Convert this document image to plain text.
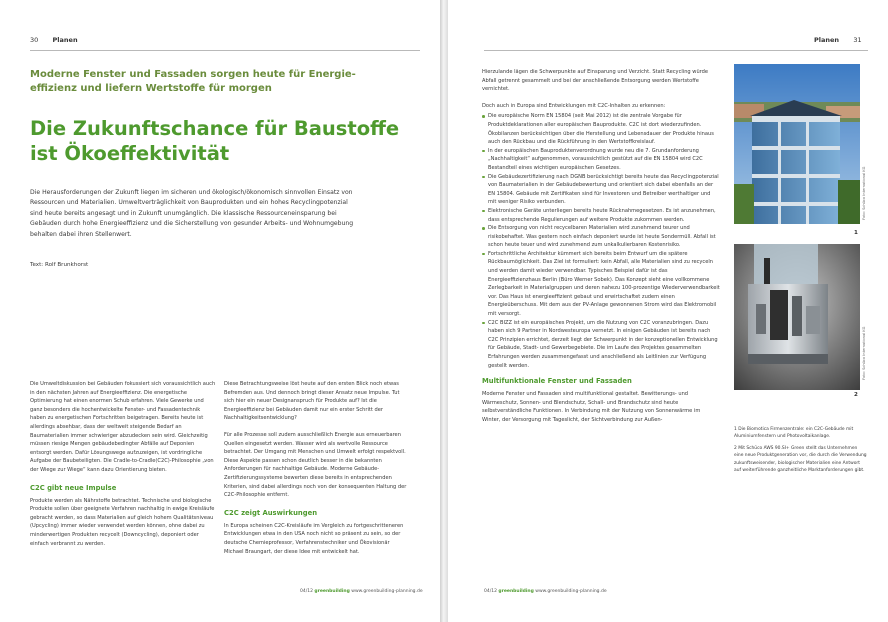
30 Planen
Moderne Fenster und Fassaden sorgen heute für Energie-effizienz und liefern Wertstoffe für morgen
Die Zukunftschance für Baustoffe ist Ökoeffektivität
Die Herausforderungen der Zukunft liegen im sicheren und ökologisch/ökonomisch sinnvollen Einsatz von Ressourcen und Materialien. Umweltverträglichkeit von Bauprodukten und ein hohes Recyclingpotenzial sind heute bereits angesagt und in Zukunft unumgänglich. Die klassische Ressourceneinsparung bei Gebäuden durch hohe Energieeffizienz und die Sicherstellung von gesunder Arbeits- und Wohnumgebung behalten dabei ihren Stellenwert.
Text: Rolf Brunkhorst

Die Umweltdiskussion bei Gebäuden fokussiert sich voraussichtlich auch in den nächsten Jahren auf Energieeffizienz. Die energetische Optimierung hat einen enormen Schub erfahren. Viele Gewerke und ganz besonders die hochentwickelte Fenster- und Fassadentechnik haben zu energetischen Fortschritten beigetragen. Bereits heute ist allerdings absehbar, dass der weltweit steigende Bedarf an Baumaterialien immer schwieriger abzudecken sein wird. Gleichzeitig müssen riesige Mengen gebäudebedingter Abfälle auf Deponien entsorgt werden. Dafür Lösungswege aufzuzeigen, ist vordringliche Aufgabe der Baubeteiligten. Die Cradle-to-Cradle(C2C)-Philosophie „von der Wiege zur Wiege“ kann dazu Orientierung bieten.

C2C gibt neue Impulse

Produkte werden als Nährstoffe betrachtet. Technische und biologische Produkte sollen über geeignete Verfahren nachhaltig in ewige Kreisläufe gebracht werden, so dass Materialien auf gleich hohem Qualitätsniveau (Upcycling) immer wieder verwendet werden können, ohne dabei zu minderwertigen Produkten recycelt (Downcycling), deponiert oder einfach verbrannt zu werden.

Diese Betrachtungsweise löst heute auf den ersten Blick noch etwas Befremden aus. Und dennoch bringt dieser Ansatz neue Impulse. Tut sich hier ein neuer Designanspruch für Produkte auf? Ist die Energieeffizienz bei Gebäuden damit nur ein erster Schritt der Nachhaltigkeitsentwicklung?

Für alle Prozesse soll zudem ausschließlich Energie aus erneuerbaren Quellen eingesetzt werden. Wasser wird als wertvolle Ressource betrachtet. Der Umgang mit Menschen und Umwelt erfolgt respektvoll. Diese Aspekte passen schon deutlich besser in die bekannten Anforderungen für nachhaltige Gebäude. Moderne Gebäude-Zertifizierungssysteme bewerten diese bereits in entsprechenden Kriterien, sind dabei allerdings noch von der konsequenten Haltung der C2C-Philosophie entfernt.

C2C zeigt Auswirkungen

In Europa scheinen C2C-Kreisläufe im Vergleich zu fortgeschritteneren Entwicklungen etwa in den USA noch nicht so präsent zu sein, so der deutsche Chemieprofessor, Verfahrenstechniker und Ökovisionär Michael Braungart, der diese Idee mit entwickelt hat.

04/12 greenbuilding www.greenbuilding-planning.de
Planen 31

Hierzulande lägen die Schwerpunkte auf Einsparung und Verzicht. Statt Recycling würde Abfall getrennt gesammelt und bei der anschließende Entsorgung werden Wertstoffe vernichtet.

Doch auch in Europa sind Entwicklungen mit C2C-Inhalten zu erkennen:

Die europäische Norm EN 15804 (seit Mai 2012) ist die zentrale Vorgabe für Produktdeklarationen aller europäischen Bauprodukte. C2C ist dort wiederzufinden. Ökobilanzen berücksichtigen über die Herstellung und Lebensdauer der Produkte hinaus auch den Rückbau und die Rückführung in den Wertstoffkreislauf.
In der europäischen Bauproduktenverordnung wurde neu die 7. Grundanforderung „Nachhaltigkeit“ aufgenommen, voraussichtlich gestützt auf die EN 15804 wird C2C Bestandteil eines wichtigen europäischen Gesetzes.
Die Gebäudezertifizierung nach DGNB berücksichtigt bereits heute das Recyclingpotenzial von Baumaterialien in der Gebäudebewertung und orientiert sich dabei ebenfalls an der EN 15804. Gebäude mit Zertifikaten sind für Investoren und Betreiber werthaltiger und mit weniger Risiko verbunden.
Elektronische Geräte unterliegen bereits heute Rücknahmegesetzen. Es ist anzunehmen, dass entsprechende Regulierungen auf weitere Produkte zukommen werden.
Die Entsorgung von nicht recycelbaren Materialien wird zunehmend teurer und risikobehaftet. Was gestern noch einfach deponiert wurde ist heute Sondermüll. Abfall ist schon heute teuer und wird zunehmend zum unkalkulierbaren Kostenrisiko.
Fortschrittliche Architektur kümmert sich bereits beim Entwurf um die spätere Rückbaumöglichkeit. Das Ziel ist formuliert: kein Abfall, alle Materialien sind zu recyceln und werden damit wieder verwendbar. Typisches Beispiel dafür ist das Energieeffizienzhaus Berlin (Büro Werner Sobek). Das Konzept sieht eine vollkommene Zerlegbarkeit in Materialgruppen und deren nahezu 100-prozentige Wiederverwendbarkeit vor. Das Haus ist energieeffizient gebaut und erwirtschaftet zudem einen Energieüberschuss. Mit dem aus der PV-Anlage gewonnenen Strom wird das Elektromobil mit versorgt.
C2C BIZZ ist ein europäisches Projekt, um die Nutzung von C2C voranzubringen. Dazu haben sich 9 Partner in Nordwesteuropa vernetzt. In einigen Gebäuden ist bereits nach C2C Prinzipien errichtet, derzeit liegt der Schwerpunkt in der konzeptionellen Entwicklung für Gebäude, Stadt- und Gewerbegebiete. Die im Laufe des Projektes gesammelten Erfahrungen werden zusammengefasst und anschließend als Leitlinien zur Verfügung gestellt werden.
Multifunktionale Fenster und Fassaden

Moderne Fenster und Fassaden sind multifunktional gestaltet. Bewitterungs- und Wärmeschutz, Sonnen- und Blendschutz, Schall- und Brandschutz sind heute selbstverständliche Funktionen. In Verbindung mit der Nutzung von Sonnenwärme im Winter, der Versorgung mit Tageslicht, der Sichtverbindung zur Außen-

Foto: Schüco International KG
1
Foto: Schüco International KG
2

1 Die Biomotica Firmenzentrale: ein C2C-Gebäude mit Aluminiumfenstern und Photovoltaikanlage.

2 Mit Schüco AWS 90.SI+ Green stellt das Unternehmen eine neue Produktgeneration vor, die durch die Verwendung zukunftsweisender, biologischer Materialien eine Antwort auf weiterführende ganzheitliche Marktanforderungen gibt.

04/12 greenbuilding www.greenbuilding-planning.de
